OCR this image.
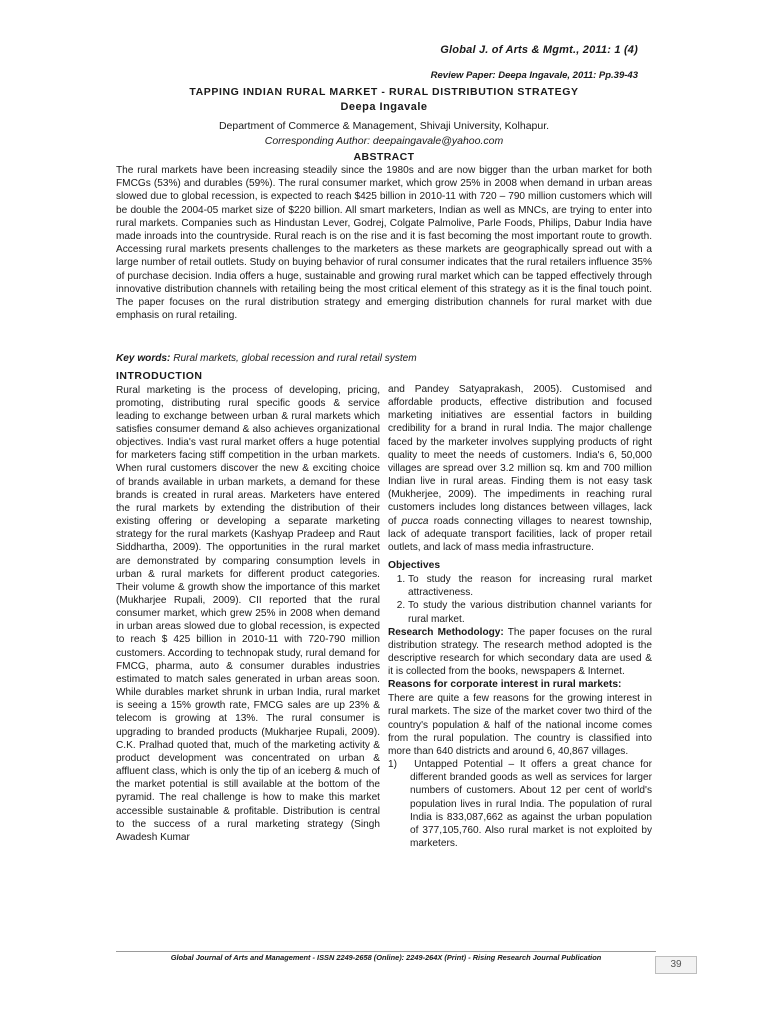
Global J. of Arts & Mgmt., 2011: 1 (4)
Review Paper: Deepa Ingavale, 2011: Pp.39-43
TAPPING INDIAN RURAL MARKET - RURAL DISTRIBUTION STRATEGY
Deepa Ingavale
Department of Commerce & Management, Shivaji University, Kolhapur.
Corresponding Author: deepaingavale@yahoo.com
ABSTRACT

The rural markets have been increasing steadily since the 1980s and are now bigger than the urban market for both FMCGs (53%) and durables (59%). The rural consumer market, which grow 25% in 2008 when demand in urban areas slowed due to global recession, is expected to reach $425 billion in 2010-11 with 720 – 790 million customers which will be double the 2004-05 market size of $220 billion. All smart marketers, Indian as well as MNCs, are trying to enter into rural markets. Companies such as Hindustan Lever, Godrej, Colgate Palmolive, Parle Foods, Philips, Dabur India have made inroads into the countryside. Rural reach is on the rise and it is fast becoming the most important route to growth. Accessing rural markets presents challenges to the marketers as these markets are geographically spread out with a large number of retail outlets. Study on buying behavior of rural consumer indicates that the rural retailers influence 35% of purchase decision. India offers a huge, sustainable and growing rural market which can be tapped effectively through innovative distribution channels with retailing being the most critical element of this strategy as it is the final touch point. The paper focuses on the rural distribution strategy and emerging distribution channels for rural market with due emphasis on rural retailing.

Key words: Rural markets, global recession and rural retail system
INTRODUCTION

Rural marketing is the process of developing, pricing, promoting, distributing rural specific goods & service leading to exchange between urban & rural markets which satisfies consumer demand & also achieves organizational objectives. India's vast rural market offers a huge potential for marketers facing stiff competition in the urban markets. When rural customers discover the new & exciting choice of brands available in urban markets, a demand for these brands is created in rural areas. Marketers have entered the rural markets by extending the distribution of their existing offering or developing a separate marketing strategy for the rural markets (Kashyap Pradeep and Raut Siddhartha, 2009). The opportunities in the rural market are demonstrated by comparing consumption levels in urban & rural markets for different product categories. Their volume & growth show the importance of this market (Mukharjee Rupali, 2009). CII reported that the rural consumer market, which grew 25% in 2008 when demand in urban areas slowed due to global recession, is expected to reach $ 425 billion in 2010-11 with 720-790 million customers. According to technopak study, rural demand for FMCG, pharma, auto & consumer durables industries estimated to match sales generated in urban areas soon. While durables market shrunk in urban India, rural market is seeing a 15% growth rate, FMCG sales are up 23% & telecom is growing at 13%. The rural consumer is upgrading to branded products (Mukharjee Rupali, 2009). C.K. Pralhad quoted that, much of the marketing activity & product development was concentrated on urban & affluent class, which is only the tip of an iceberg & much of the market potential is still available at the bottom of the pyramid. The real challenge is how to make this market accessible sustainable & profitable. Distribution is central to the success of a rural marketing strategy (Singh Awadesh Kumar

and Pandey Satyaprakash, 2005). Customised and affordable products, effective distribution and focused marketing initiatives are essential factors in building credibility for a brand in rural India. The major challenge faced by the marketer involves supplying products of right quality to meet the needs of customers. India's 6, 50,000 villages are spread over 3.2 million sq. km and 700 million Indian live in rural areas. Finding them is not easy task (Mukherjee, 2009). The impediments in reaching rural customers includes long distances between villages, lack of pucca roads connecting villages to nearest township, lack of adequate transport facilities, lack of proper retail outlets, and lack of mass media infrastructure.

Objectives
1. To study the reason for increasing rural market attractiveness.
2. To study the various distribution channel variants for rural market.

Research Methodology: The paper focuses on the rural distribution strategy. The research method adopted is the descriptive research for which secondary data are used & it is collected from the books, newspapers & Internet.

Reasons for corporate interest in rural markets:

There are quite a few reasons for the growing interest in rural markets. The size of the market cover two third of the country's population & half of the national income comes from the rural population. The country is classified into more than 640 districts and around 6, 40,867 villages.

1) Untapped Potential – It offers a great chance for different branded goods as well as services for larger numbers of customers. About 12 per cent of world's population lives in rural India. The population of rural India is 833,087,662 as against the urban population of 377,105,760. Also rural market is not exploited by marketers.
Global Journal of Arts and Management - ISSN 2249-2658 (Online): 2249-264X (Print) - Rising Research Journal Publication
39
